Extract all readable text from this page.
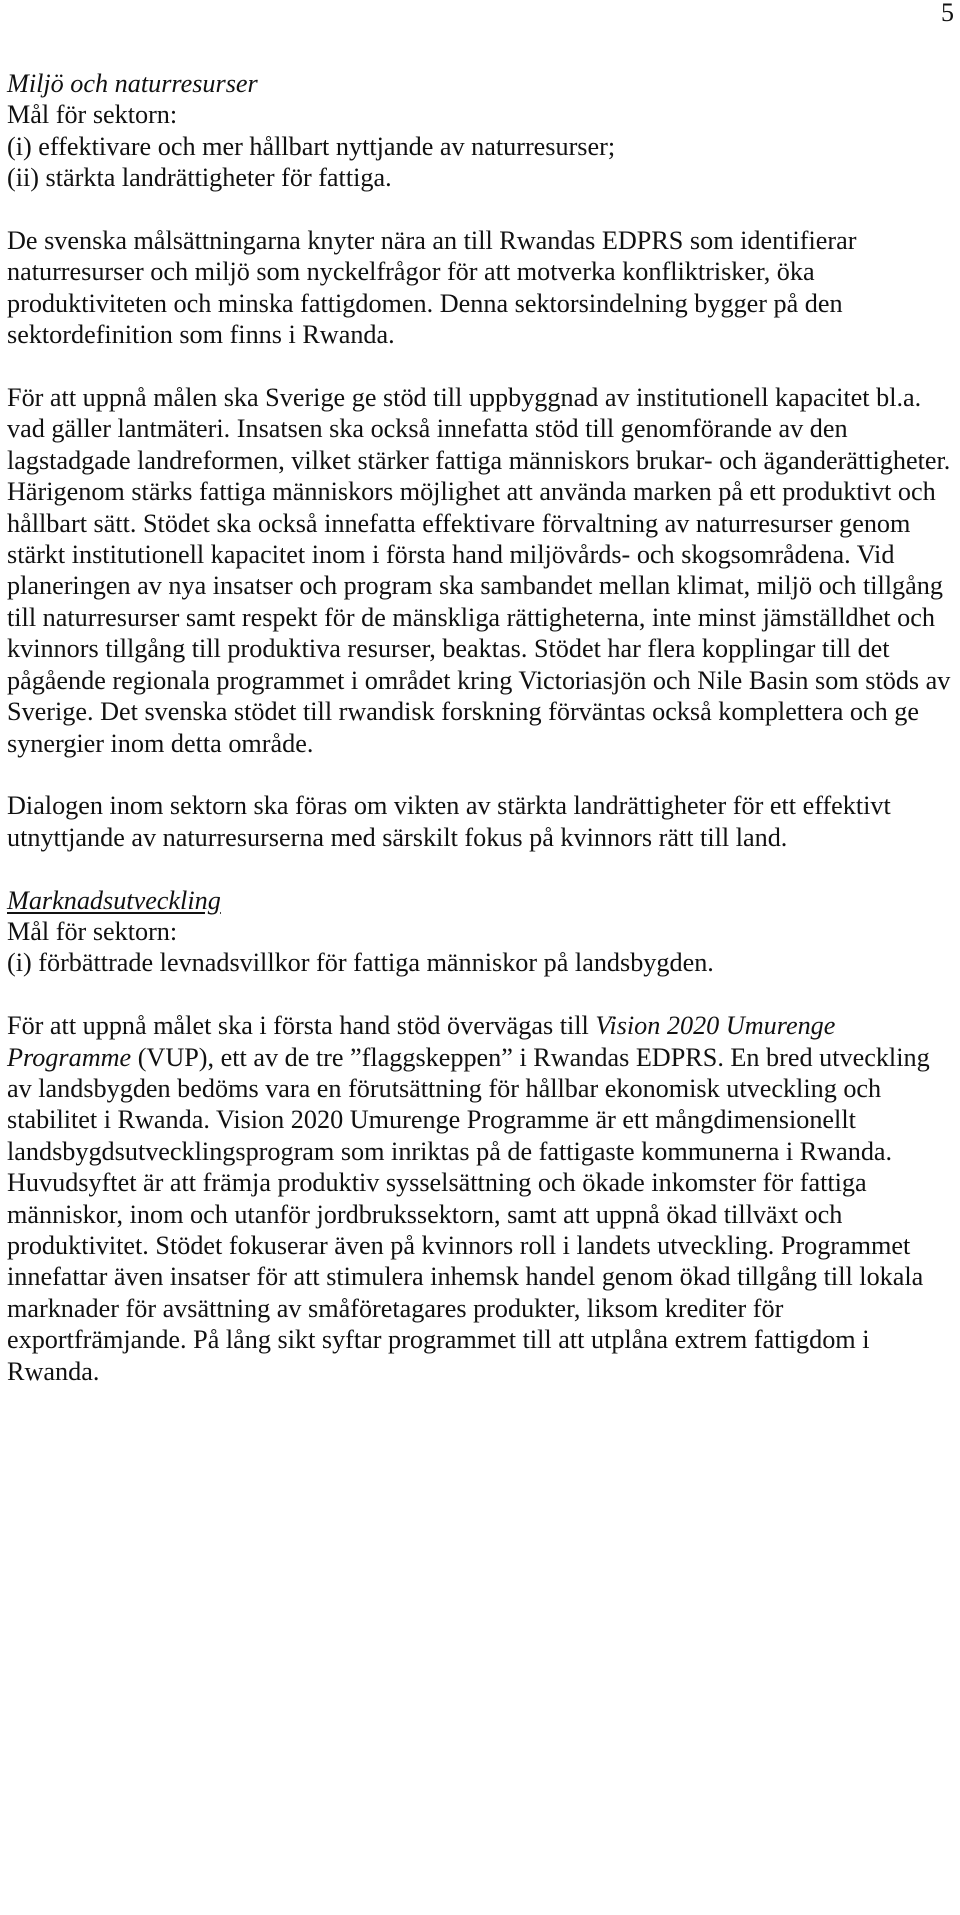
5

Miljö och naturresurser

Mål för sektorn:

(i) effektivare och mer hållbart nyttjande av naturresurser;

(ii) stärkta landrättigheter för fattiga.

De svenska målsättningarna knyter nära an till Rwandas EDPRS som identifierar naturresurser och miljö som nyckelfrågor för att motverka konfliktrisker, öka produktiviteten och minska fattigdomen. Denna sektorsindelning bygger på den sektordefinition som finns i Rwanda.

För att uppnå målen ska Sverige ge stöd till uppbyggnad av institutionell kapacitet bl.a. vad gäller lantmäteri. Insatsen ska också innefatta stöd till genomförande av den lagstadgade landreformen, vilket stärker fattiga människors brukar- och äganderättigheter. Härigenom stärks fattiga människors möjlighet att använda marken på ett produktivt och hållbart sätt. Stödet ska också innefatta effektivare förvaltning av naturresurser genom stärkt institutionell kapacitet inom i första hand miljövårds- och skogsområdena. Vid planeringen av nya insatser och program ska sambandet mellan klimat, miljö och tillgång till naturresurser samt respekt för de mänskliga rättigheterna, inte minst jämställdhet och kvinnors tillgång till produktiva resurser, beaktas. Stödet har flera kopplingar till det pågående regionala programmet i området kring Victoriasjön och Nile Basin som stöds av Sverige. Det svenska stödet till rwandisk forskning förväntas också komplettera och ge synergier inom detta område.

Dialogen inom sektorn ska föras om vikten av stärkta landrättigheter för ett effektivt utnyttjande av naturresurserna med särskilt fokus på kvinnors rätt till land.

Marknadsutveckling

Mål för sektorn:

(i) förbättrade levnadsvillkor för fattiga människor på landsbygden.

För att uppnå målet ska i första hand stöd övervägas till Vision 2020 Umurenge Programme (VUP), ett av de tre ”flaggskeppen” i Rwandas EDPRS. En bred utveckling av landsbygden bedöms vara en förutsättning för hållbar ekonomisk utveckling och stabilitet i Rwanda. Vision 2020 Umurenge Programme är ett mångdimensionellt landsbygdsutvecklingsprogram som inriktas på de fattigaste kommunerna i Rwanda. Huvudsyftet är att främja produktiv sysselsättning och ökade inkomster för fattiga människor, inom och utanför jordbrukssektorn, samt att uppnå ökad tillväxt och produktivitet. Stödet fokuserar även på kvinnors roll i landets utveckling. Programmet innefattar även insatser för att stimulera inhemsk handel genom ökad tillgång till lokala marknader för avsättning av småföretagares produkter, liksom krediter för exportfrämjande. På lång sikt syftar programmet till att utplåna extrem fattigdom i Rwanda.
